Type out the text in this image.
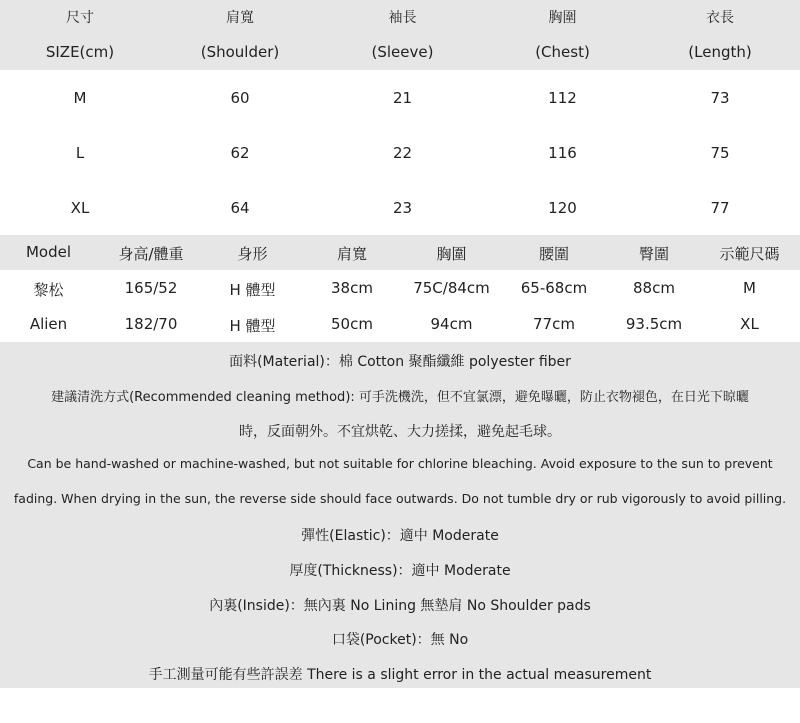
尺寸	肩寬	袖長	胸圍	衣長
SIZE(cm)	(Shoulder)	(Sleeve)	(Chest)	(Length)
M	60	21	112	73
L	62	22	116	75
XL	64	23	120	77
Model	身高/體重	身形	肩寬	胸圍	腰圍	臀圍	示範尺碼
黎松	165/52	H 體型	38cm	75C/84cm	65-68cm	88cm	M
Alien	182/70	H 體型	50cm	94cm	77cm	93.5cm	XL
面料(Material)：棉 Cotton 聚酯纖維 polyester fiber
建議清洗方式(Recommended cleaning method): 可手洗機洗，但不宜氯漂，避免曝曬，防止衣物褪色，在日光下晾曬
時，反面朝外。不宜烘乾、大力搓揉，避免起毛球。
Can be hand-washed or machine-washed, but not suitable for chlorine bleaching. Avoid exposure to the sun to prevent
fading. When drying in the sun, the reverse side should face outwards. Do not tumble dry or rub vigorously to avoid pilling.
彈性(Elastic)：適中 Moderate
厚度(Thickness)：適中 Moderate
內裏(Inside)：無內裏 No Lining 無墊肩 No Shoulder pads
口袋(Pocket)：無 No
手工測量可能有些許誤差 There is a slight error in the actual measurement
